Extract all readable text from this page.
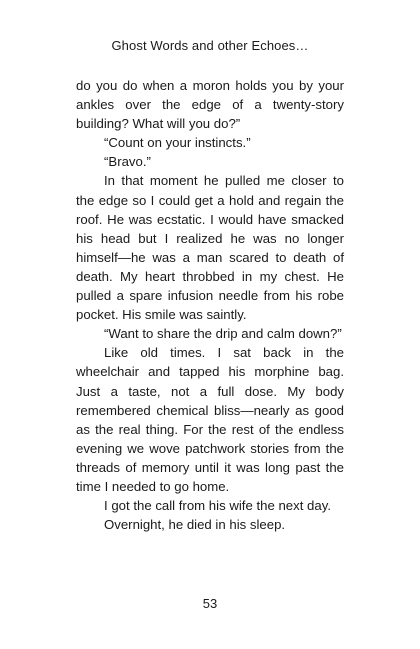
Ghost Words and other Echoes…

do you do when a moron holds you by your ankles over the edge of a twenty-story building? What will you do?”

“Count on your instincts.”

“Bravo.”

In that moment he pulled me closer to the edge so I could get a hold and regain the roof. He was ecstatic. I would have smacked his head but I realized he was no longer himself—he was a man scared to death of death. My heart throbbed in my chest. He pulled a spare infusion needle from his robe pocket. His smile was saintly.

“Want to share the drip and calm down?”

Like old times. I sat back in the wheelchair and tapped his morphine bag. Just a taste, not a full dose. My body remembered chemical bliss—nearly as good as the real thing. For the rest of the endless evening we wove patchwork stories from the threads of memory until it was long past the time I needed to go home.

I got the call from his wife the next day.

Overnight, he died in his sleep.

53
